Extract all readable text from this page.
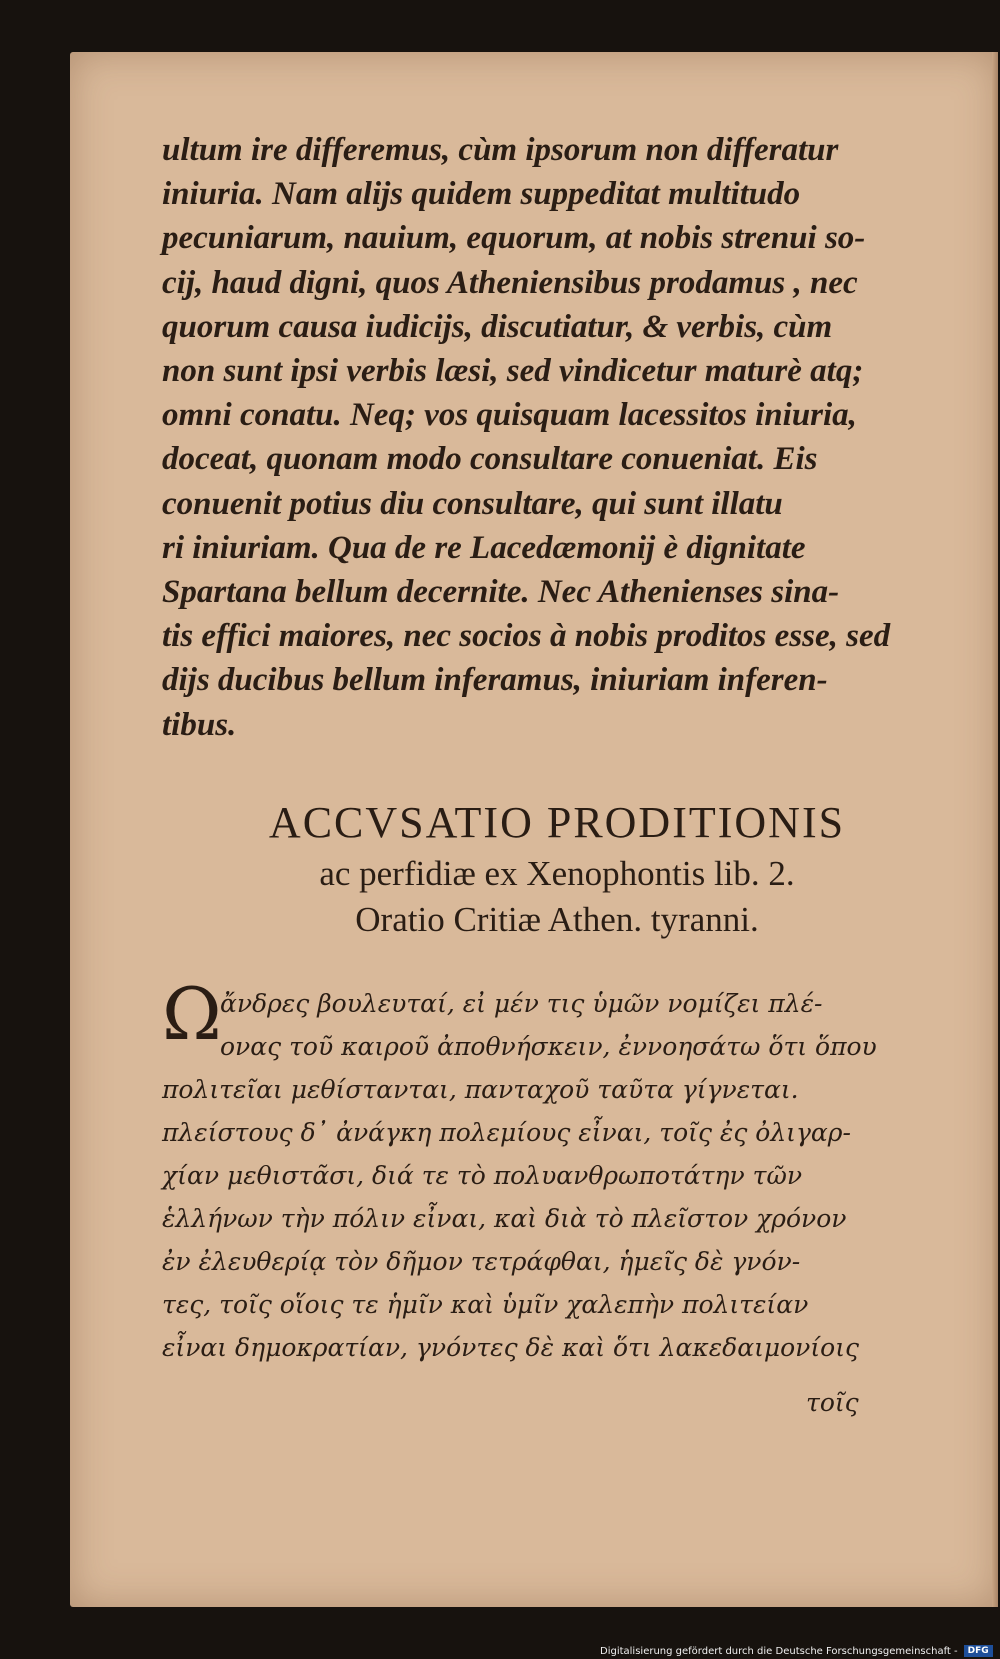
ultum ire differemus, cùm ipsorum non differatur
iniuria. Nam alijs quidem suppeditat multitudo
pecuniarum, nauium, equorum, at nobis strenui so-
cij, haud digni, quos Atheniensibus prodamus , nec
quorum causa iudicijs, discutiatur, & verbis, cùm
non sunt ipsi verbis læsi, sed vindicetur maturè atq;
omni conatu. Neq; vos quisquam lacessitos iniuria,
doceat, quonam modo consultare conueniat. Eis
conuenit potius diu consultare, qui sunt illatu
ri iniuriam. Qua de re Lacedæmonij è dignitate
Spartana bellum decernite. Nec Athenienses sina-
tis effici maiores, nec socios à nobis proditos esse, sed
dijs ducibus bellum inferamus, iniuriam inferen-
tibus.
ACCVSATIO PRODITIONIS
ac perfidiæ ex Xenophontis lib. 2.
Oratio Critiæ Athen. tyranni.
Ω
ἄνδρες βουλευταί, εἰ μέν τις ὑμῶν νομίζει πλέ-
ονας τοῦ καιροῦ ἀποθνήσκειν, ἐννοησάτω ὅτι ὅπου
πολιτεῖαι μεθίστανται, πανταχοῦ ταῦτα γίγνεται.
πλείστους δ᾽ ἀνάγκη πολεμίους εἶναι, τοῖς ἐς ὀλιγαρ-
χίαν μεθιστᾶσι, διά τε τὸ πολυανθρωποτάτην τῶν
ἑλλήνων τὴν πόλιν εἶναι, καὶ διὰ τὸ πλεῖστον χρόνον
ἐν ἐλευθερίᾳ τὸν δῆμον τετράφθαι, ἡμεῖς δὲ γνόν-
τες, τοῖς οἵοις τε ἡμῖν καὶ ὑμῖν χαλεπὴν πολιτείαν
εἶναι δημοκρατίαν, γνόντες δὲ καὶ ὅτι λακεδαιμονίοις
τοῖς
Digitalisierung gefördert durch die Deutsche Forschungsgemeinschaft -	DFG
